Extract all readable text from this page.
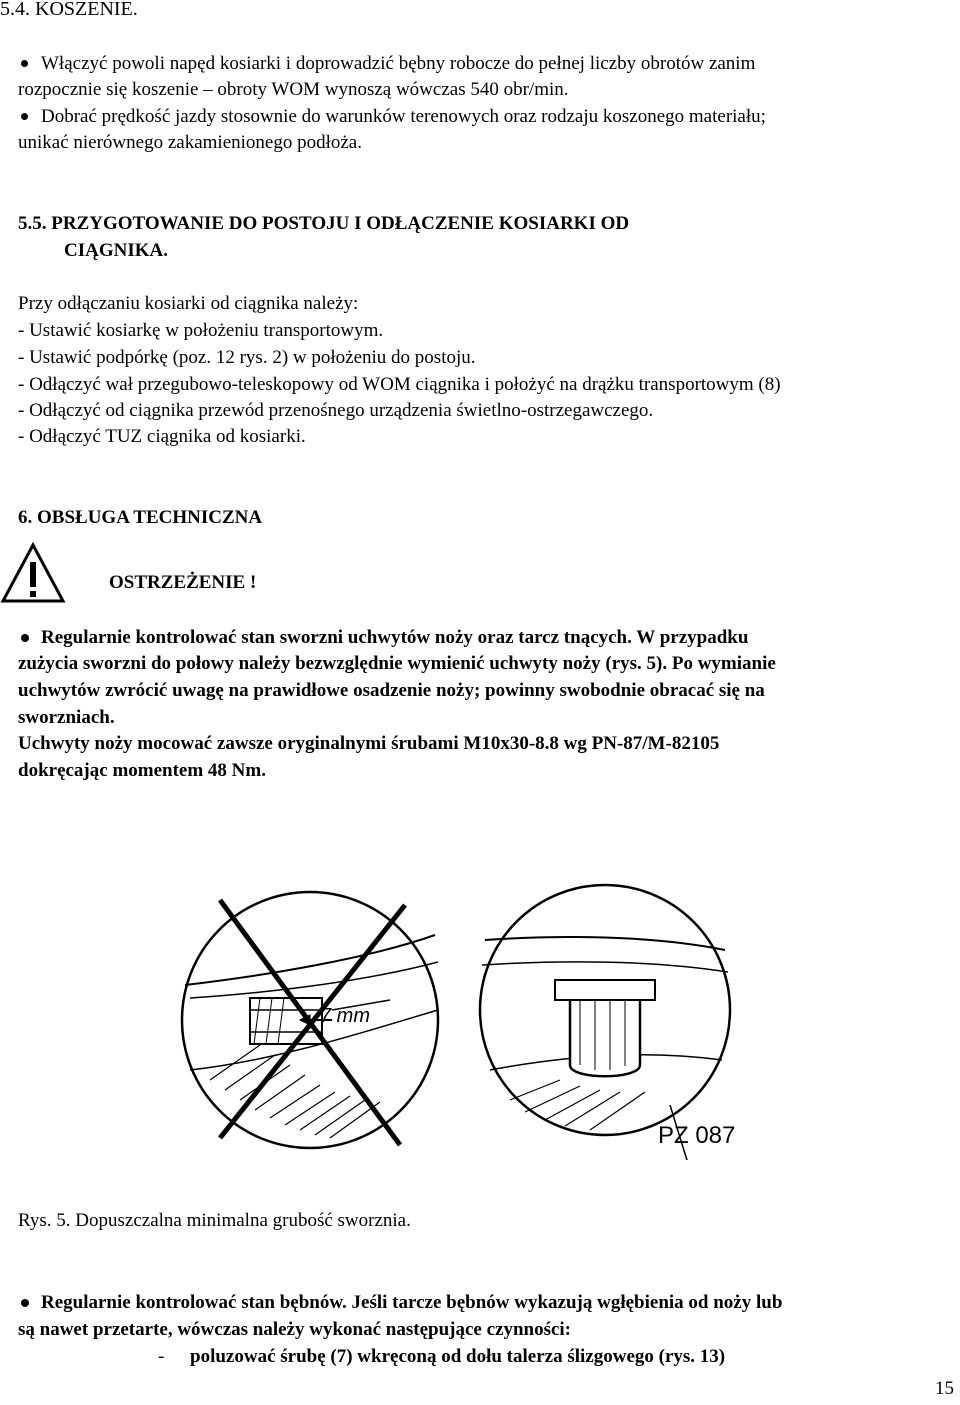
5.4. KOSZENIE.
Włączyć powoli napęd kosiarki i doprowadzić bębny robocze do pełnej liczby obrotów zanim
rozpocznie się koszenie – obroty WOM wynoszą wówczas 540 obr/min.
Dobrać prędkość jazdy stosownie do warunków terenowych oraz rodzaju koszonego materiału;
unikać nierównego zakamienionego podłoża.
5.5. PRZYGOTOWANIE DO POSTOJU I ODŁĄCZENIE KOSIARKI OD
CIĄGNIKA.
Przy odłączaniu kosiarki od ciągnika należy:
- Ustawić kosiarkę w położeniu transportowym.
- Ustawić podpórkę (poz. 12 rys. 2) w położeniu do postoju.
- Odłączyć wał przegubowo-teleskopowy od WOM ciągnika i położyć na drążku transportowym (8)
- Odłączyć od ciągnika przewód przenośnego urządzenia świetlno-ostrzegawczego.
- Odłączyć TUZ ciągnika od kosiarki.
6. OBSŁUGA TECHNICZNA
OSTRZEŻENIE !
Regularnie kontrolować stan sworzni uchwytów noży oraz tarcz tnących. W przypadku
zużycia sworzni do połowy należy bezwzględnie wymienić uchwyty noży (rys. 5). Po wymianie
uchwytów zwrócić uwagę na prawidłowe osadzenie noży; powinny swobodnie obracać się na
sworzniach.
Uchwyty noży mocować zawsze oryginalnymi śrubami M10x30-8.8 wg PN-87/M-82105
dokręcając momentem 48 Nm.
7 mm
PZ 087
Rys. 5. Dopuszczalna minimalna grubość sworznia.
Regularnie kontrolować stan bębnów. Jeśli tarcze bębnów wykazują wgłębienia od noży lub
są nawet przetarte, wówczas należy wykonać następujące czynności:
- poluzować śrubę (7) wkręconą od dołu talerza ślizgowego (rys. 13)
15
